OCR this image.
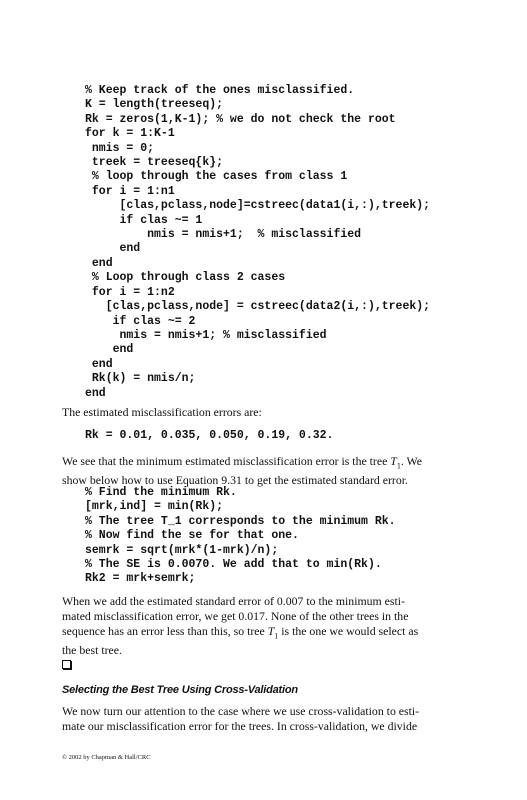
% Keep track of the ones misclassified.
K = length(treeseq);
Rk = zeros(1,K-1); % we do not check the root
for k = 1:K-1
nmis = 0;
treek = treeseq{k};
% loop through the cases from class 1
for i = 1:n1
[clas,pclass,node]=cstreec(data1(i,:),treek);
if clas ~= 1
nmis = nmis+1;  % misclassified
end
end
% Loop through class 2 cases
for i = 1:n2
[clas,pclass,node] = cstreec(data2(i,:),treek);
if clas ~= 2
nmis = nmis+1; % misclassified
end
end
Rk(k) = nmis/n;
end

The estimated misclassification errors are:

Rk = 0.01, 0.035, 0.050, 0.19, 0.32.

We see that the minimum estimated misclassification error is the tree $T_1$. We
show below how to use Equation 9.31 to get the estimated standard error.

% Find the minimum Rk.
[mrk,ind] = min(Rk);
% The tree T_1 corresponds to the minimum Rk.
% Now find the se for that one.
semrk = sqrt(mrk*(1-mrk)/n);
% The SE is 0.0070. We add that to min(Rk).
Rk2 = mrk+semrk;

When we add the estimated standard error of 0.007 to the minimum esti-
mated misclassification error, we get 0.017. None of the other trees in the
sequence has an error less than this, so tree $T_1$ is the one we would select as
the best tree.

Selecting the Best Tree Using Cross-Validation

We now turn our attention to the case where we use cross-validation to esti-
mate our misclassification error for the trees. In cross-validation, we divide

© 2002 by Chapman & Hall/CRC
